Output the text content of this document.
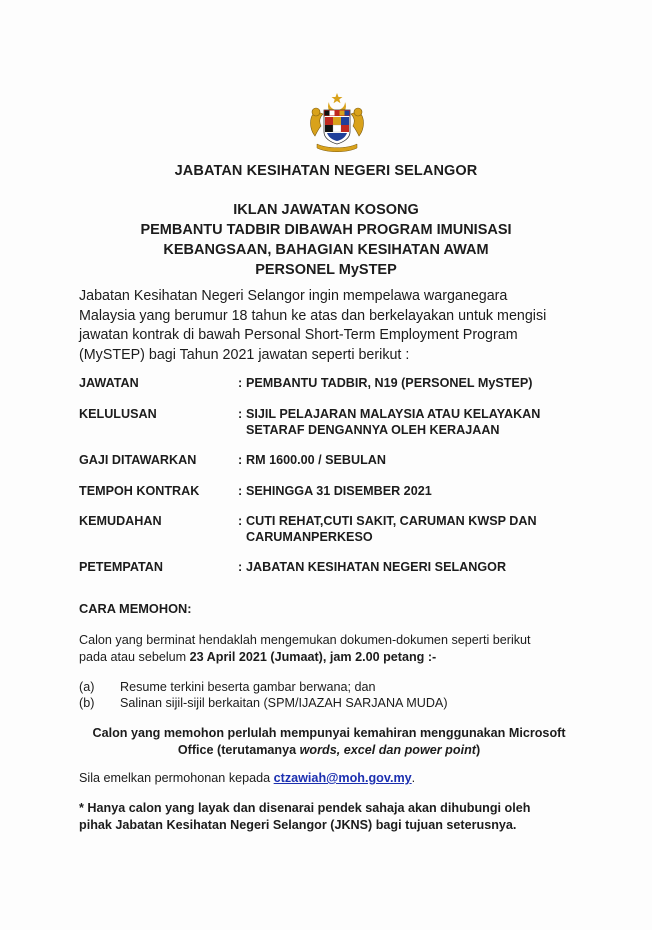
JABATAN KESIHATAN NEGERI SELANGOR
IKLAN JAWATAN KOSONG
PEMBANTU TADBIR DIBAWAH PROGRAM IMUNISASI
KEBANGSAAN, BAHAGIAN KESIHATAN AWAM
PERSONEL MySTEP
Jabatan Kesihatan Negeri Selangor ingin mempelawa warganegara
Malaysia yang berumur 18 tahun ke atas dan berkelayakan untuk mengisi
jawatan kontrak di bawah Personal Short-Term Employment Program
(MySTEP) bagi Tahun 2021 jawatan seperti berikut :
JAWATAN	: PEMBANTU TADBIR, N19 (PERSONEL MySTEP)
KELULUSAN	: SIJIL PELAJARAN MALAYSIA ATAU KELAYAKAN
SETARAF DENGANNYA OLEH KERAJAAN
GAJI DITAWARKAN	: RM 1600.00 / SEBULAN
TEMPOH KONTRAK	: SEHINGGA 31 DISEMBER 2021
KEMUDAHAN	: CUTI REHAT,CUTI SAKIT, CARUMAN KWSP DAN
CARUMANPERKESO
PETEMPATAN	: JABATAN KESIHATAN NEGERI SELANGOR
CARA MEMOHON:
Calon yang berminat hendaklah mengemukan dokumen-dokumen seperti berikut
pada atau sebelum 23 April 2021 (Jumaat), jam 2.00 petang :-
(a) Resume terkini beserta gambar berwana; dan
(b) Salinan sijil-sijil berkaitan (SPM/IJAZAH SARJANA MUDA)
Calon yang memohon perlulah mempunyai kemahiran menggunakan Microsoft
Office (terutamanya words, excel dan power point)
Sila emelkan permohonan kepada ctzawiah@moh.gov.my.
* Hanya calon yang layak dan disenarai pendek sahaja akan dihubungi oleh
pihak Jabatan Kesihatan Negeri Selangor (JKNS) bagi tujuan seterusnya.
